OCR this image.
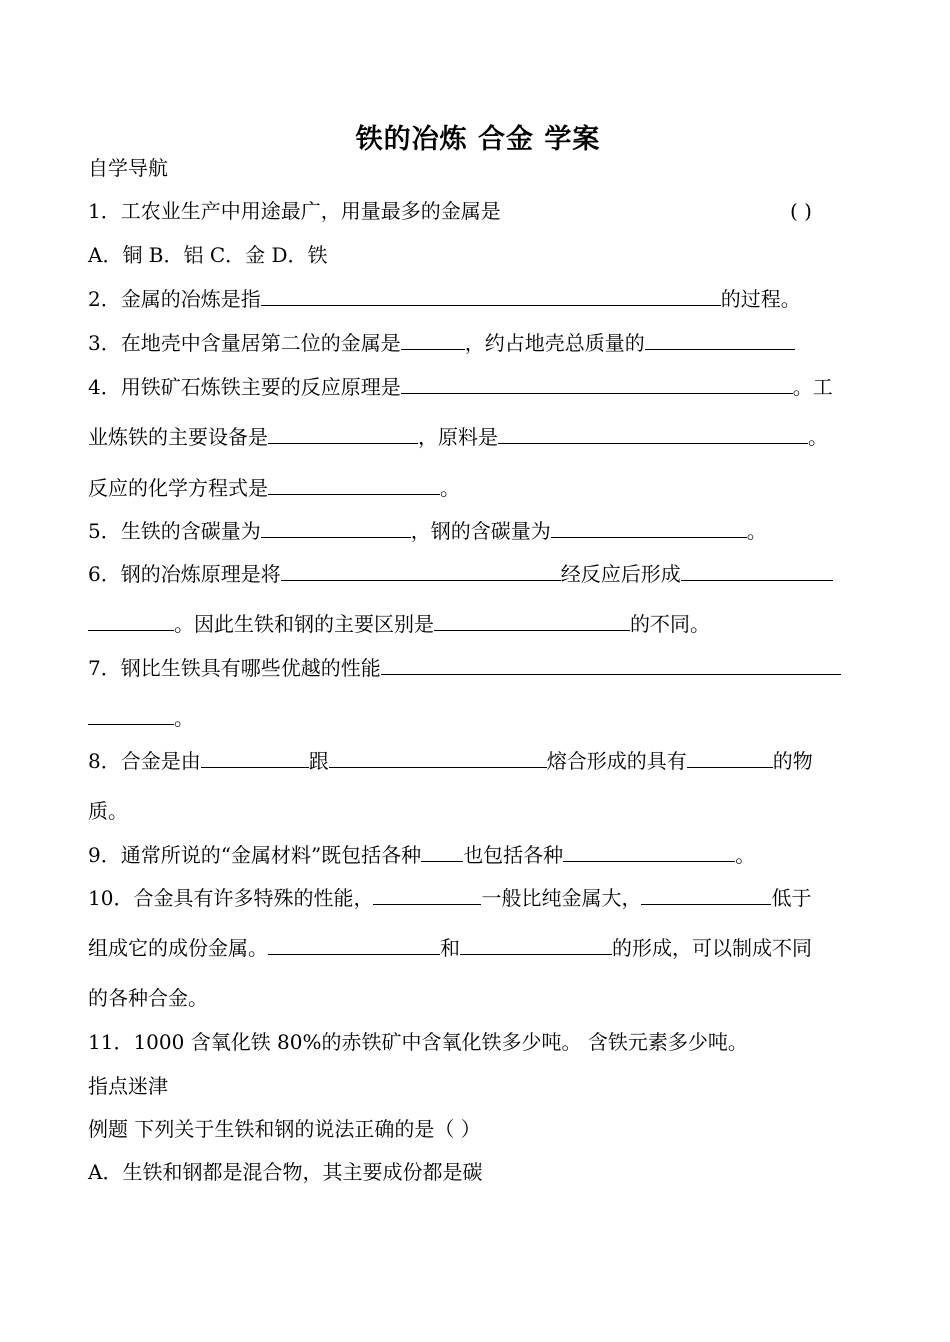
铁的冶炼 合金 学案
自学导航
1．工农业生产中用途最广，用量最多的金属是	( )
A．铜 B．铝 C．金 D．铁
2．金属的冶炼是指	的过程。
3．在地壳中含量居第二位的金属是	，约占地壳总质量的
4．用铁矿石炼铁主要的反应原理是	。工
业炼铁的主要设备是	，原料是	。
反应的化学方程式是	。
5．生铁的含碳量为	，钢的含碳量为	。
6．钢的冶炼原理是将	经反应后形成
。因此生铁和钢的主要区别是	的不同。
7．钢比生铁具有哪些优越的性能
。
8．合金是由	跟	熔合形成的具有	的物
质。
9．通常所说的“金属材料”既包括各种 也包括各种	。
10．合金具有许多特殊的性能，	一般比纯金属大，	低于
组成它的成份金属。	和	的形成，可以制成不同
的各种合金。
11．1000 含氧化铁 80%的赤铁矿中含氧化铁多少吨。 含铁元素多少吨。
指点迷津
例题 下列关于生铁和钢的说法正确的是（ ）
A．生铁和钢都是混合物，其主要成份都是碳
